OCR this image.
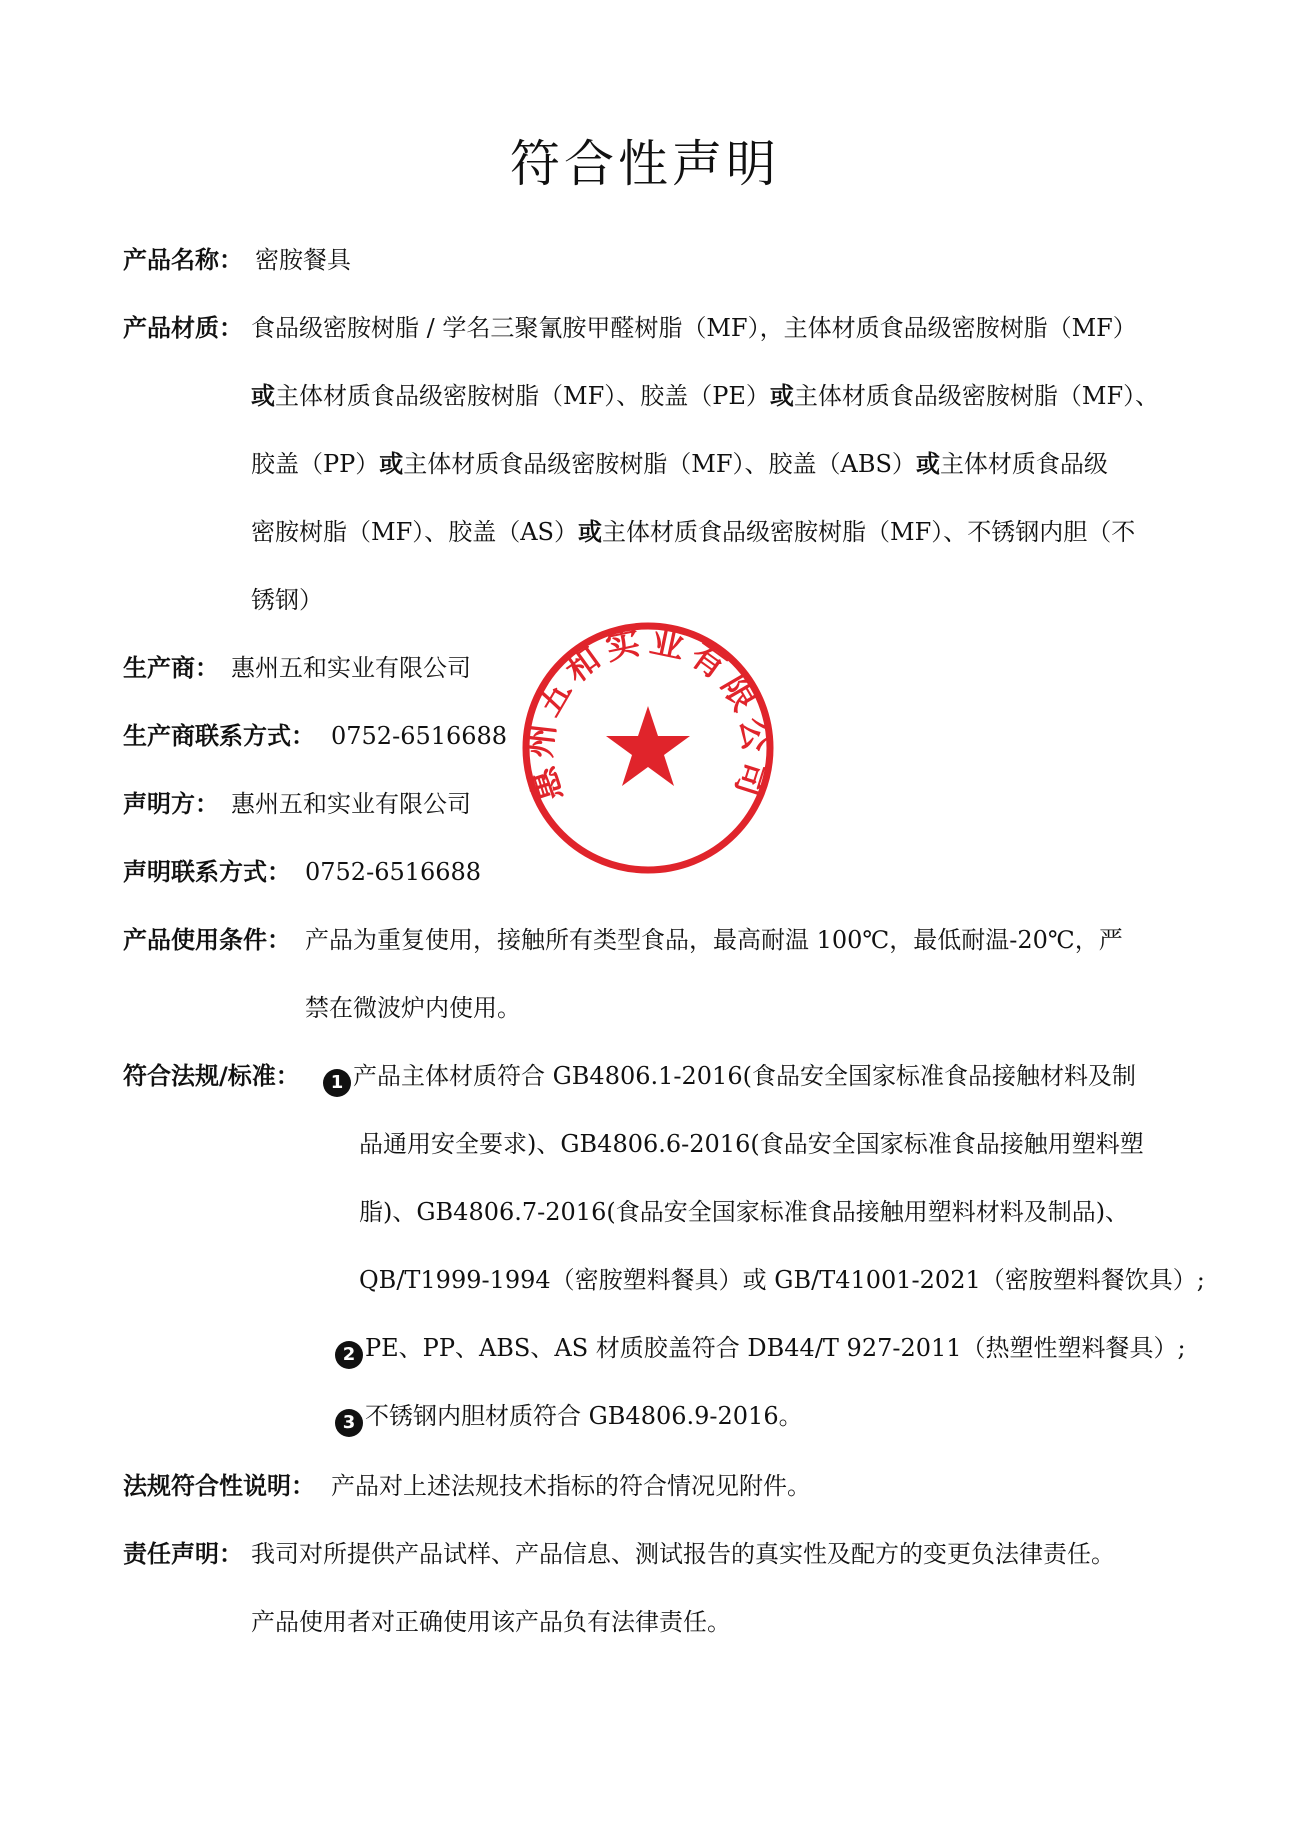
符合性声明
产品名称： 密胺餐具
产品材质： 食品级密胺树脂 / 学名三聚氰胺甲醛树脂（MF），主体材质食品级密胺树脂（MF）
或主体材质食品级密胺树脂（MF）、胶盖（PE）或主体材质食品级密胺树脂（MF）、
胶盖（PP）或主体材质食品级密胺树脂（MF）、胶盖（ABS）或主体材质食品级
密胺树脂（MF）、胶盖（AS）或主体材质食品级密胺树脂（MF）、不锈钢内胆（不
锈钢）
生产商： 惠州五和实业有限公司
生产商联系方式： 0752-6516688
声明方： 惠州五和实业有限公司
声明联系方式： 0752-6516688
产品使用条件： 产品为重复使用，接触所有类型食品，最高耐温 100℃，最低耐温-20℃，严
禁在微波炉内使用。
符合法规/标准：	1 产品主体材质符合 GB4806.1-2016(食品安全国家标准食品接触材料及制
品通用安全要求)、GB4806.6-2016(食品安全国家标准食品接触用塑料塑
脂)、GB4806.7-2016(食品安全国家标准食品接触用塑料材料及制品)、
QB/T1999-1994（密胺塑料餐具）或 GB/T41001-2021（密胺塑料餐饮具）;
2 PE、PP、ABS、AS 材质胶盖符合 DB44/T 927-2011（热塑性塑料餐具）;
3 不锈钢内胆材质符合 GB4806.9-2016。
法规符合性说明： 产品对上述法规技术指标的符合情况见附件。
责任声明： 我司对所提供产品试样、产品信息、测试报告的真实性及配方的变更负法律责任。
产品使用者对正确使用该产品负有法律责任。
惠州五和实业有限公司
